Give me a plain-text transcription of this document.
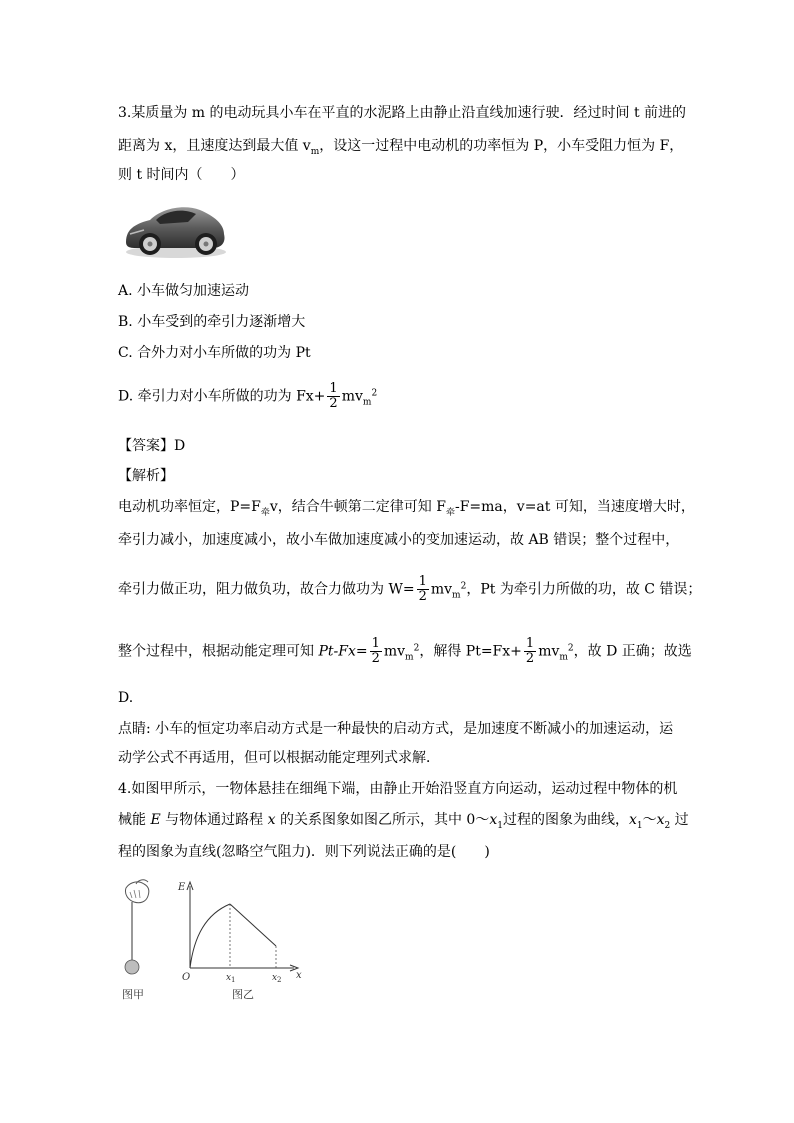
3.某质量为 m 的电动玩具小车在平直的水泥路上由静止沿直线加速行驶．经过时间 t 前进的
距离为 x，且速度达到最大值 $v_m$，设这一过程中电动机的功率恒为 P，小车受阻力恒为 F，
则 t 时间内（　　）
A. 小车做匀加速运动
B. 小车受到的牵引力逐渐增大
C. 合外力对小车所做的功为 Pt
D. 牵引力对小车所做的功为 $Fx+ \frac{1}{2} mv_m^2$
【答案】D
【解析】
电动机功率恒定，$P=F_牵v$，结合牛顿第二定律可知 $F_牵-F=ma$，v=at 可知，当速度增大时，
牵引力减小，加速度减小，故小车做加速度减小的变加速运动，故 AB 错误；整个过程中，
牵引力做正功，阻力做负功，故合力做功为 $W= \frac{1}{2} mv_m^2$，Pt 为牵引力所做的功，故 C 错误；
整个过程中，根据动能定理可知 $Pt-Fx= \frac{1}{2} mv_m^2$，解得 $Pt=Fx+ \frac{1}{2} mv_m^2$，故 D 正确；故选
D.
点睛: 小车的恒定功率启动方式是一种最快的启动方式，是加速度不断减小的加速运动，运
动学公式不再适用，但可以根据动能定理列式求解．
4.如图甲所示，一物体悬挂在细绳下端，由静止开始沿竖直方向运动，运动过程中物体的机
械能 E 与物体通过路程 x 的关系图象如图乙所示，其中 $0\sim x_1$过程的图象为曲线，$x_1\sim x_2$ 过
程的图象为直线(忽略空气阻力)．则下列说法正确的是(　　)
图甲
E
O	x
x 1	x 2
图乙
